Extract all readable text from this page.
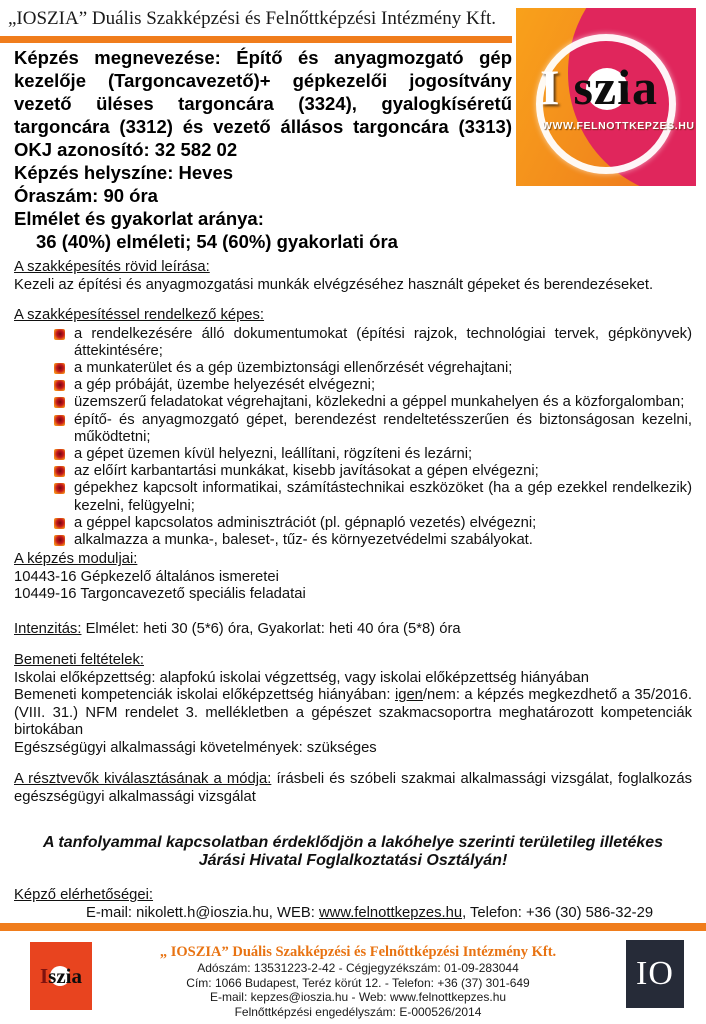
„IOSZIA” Duális Szakképzési és Felnőttképzési Intézmény Kft.
I szia
WWW.FELNOTTKEPZES.HU
Képzés megnevezése: Építő és anyagmozgató gép
kezelője (Targoncavezető)+ gépkezelői jogosítvány
vezető üléses targoncára (3324), gyalogkíséretű
targoncára (3312) és vezető állásos targoncára (3313)
OKJ azonosító: 32 582 02
Képzés helyszíne: Heves
Óraszám: 90 óra
Elmélet és gyakorlat aránya:
36 (40%) elméleti; 54 (60%) gyakorlati óra
A szakképesítés rövid leírása:
Kezeli az építési és anyagmozgatási munkák elvégzéséhez használt gépeket és berendezéseket.
A szakképesítéssel rendelkező képes:
a rendelkezésére álló dokumentumokat (építési rajzok, technológiai tervek, gépkönyvek) áttekintésére;
a munkaterület és a gép üzembiztonsági ellenőrzését végrehajtani;
a gép próbáját, üzembe helyezését elvégezni;
üzemszerű feladatokat végrehajtani, közlekedni a géppel munkahelyen és a közforgalomban;
építő- és anyagmozgató gépet, berendezést rendeltetésszerűen és biztonságosan kezelni, működtetni;
a gépet üzemen kívül helyezni, leállítani, rögzíteni és lezárni;
az előírt karbantartási munkákat, kisebb javításokat a gépen elvégezni;
gépekhez kapcsolt informatikai, számítástechnikai eszközöket (ha a gép ezekkel rendelkezik) kezelni, felügyelni;
a géppel kapcsolatos adminisztrációt (pl. gépnapló vezetés) elvégezni;
alkalmazza a munka-, baleset-, tűz- és környezetvédelmi szabályokat.
A képzés moduljai:
10443-16 Gépkezelő általános ismeretei
10449-16 Targoncavezető speciális feladatai
Intenzitás: Elmélet: heti 30 (5*6) óra, Gyakorlat: heti 40 óra (5*8) óra
Bemeneti feltételek:
Iskolai előképzettség: alapfokú iskolai végzettség, vagy iskolai előképzettség hiányában
Bemeneti kompetenciák iskolai előképzettség hiányában: igen/nem: a képzés megkezdhető a 35/2016. (VIII. 31.) NFM rendelet 3. mellékletben a gépészet szakmacsoportra meghatározott kompetenciák birtokában
Egészségügyi alkalmassági követelmények: szükséges
A résztvevők kiválasztásának a módja: írásbeli és szóbeli szakmai alkalmassági vizsgálat, foglalkozás egészségügyi alkalmassági vizsgálat
A tanfolyammal kapcsolatban érdeklődjön a lakóhelye szerinti területileg illetékes Járási Hivatal Foglalkoztatási Osztályán!
Képző elérhetőségei:
E-mail: nikolett.h@ioszia.hu, WEB: www.felnottkepzes.hu, Telefon: +36 (30) 586-32-29
Iszia
„ IOSZIA” Duális Szakképzési és Felnőttképzési Intézmény Kft.
Adószám: 13531223-2-42 - Cégjegyzékszám: 01-09-283044
Cím: 1066 Budapest, Teréz körút 12. - Telefon: +36 (37) 301-649
E-mail: kepzes@ioszia.hu - Web: www.felnottkepzes.hu
Felnőttképzési engedélyszám: E-000526/2014
IO
